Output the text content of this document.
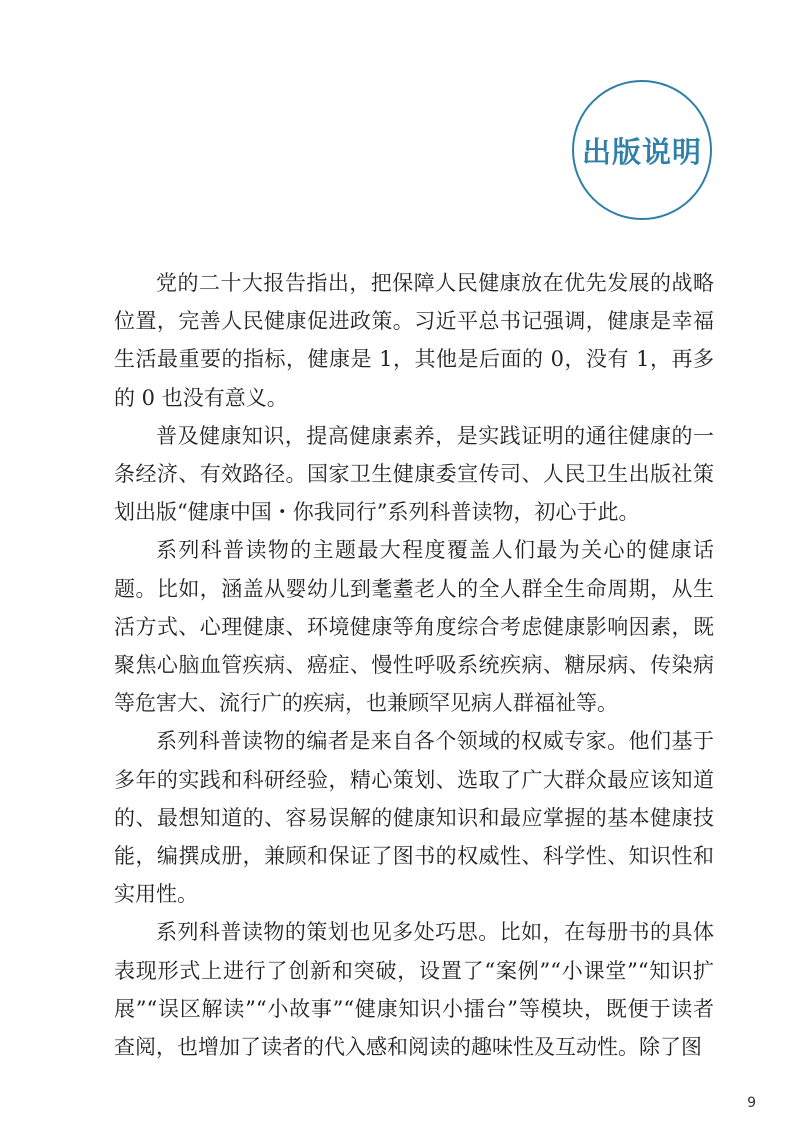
出版说明

党的二十大报告指出，把保障人民健康放在优先发展的战略位置，完善人民健康促进政策。习近平总书记强调，健康是幸福生活最重要的指标，健康是 1，其他是后面的 0，没有 1，再多的 0 也没有意义。

普及健康知识，提高健康素养，是实践证明的通往健康的一条经济、有效路径。国家卫生健康委宣传司、人民卫生出版社策划出版“健康中国・你我同行”系列科普读物，初心于此。

系列科普读物的主题最大程度覆盖人们最为关心的健康话题。比如，涵盖从婴幼儿到耄耋老人的全人群全生命周期，从生活方式、心理健康、环境健康等角度综合考虑健康影响因素，既聚焦心脑血管疾病、癌症、慢性呼吸系统疾病、糖尿病、传染病等危害大、流行广的疾病，也兼顾罕见病人群福祉等。

系列科普读物的编者是来自各个领域的权威专家。他们基于多年的实践和科研经验，精心策划、选取了广大群众最应该知道的、最想知道的、容易误解的健康知识和最应掌握的基本健康技能，编撰成册，兼顾和保证了图书的权威性、科学性、知识性和实用性。

系列科普读物的策划也见多处巧思。比如，在每册书的具体表现形式上进行了创新和突破，设置了“案例”“小课堂”“知识扩展”“误区解读”“小故事”“健康知识小擂台”等模块，既便于读者查阅，也增加了读者的代入感和阅读的趣味性及互动性。除了图

9
